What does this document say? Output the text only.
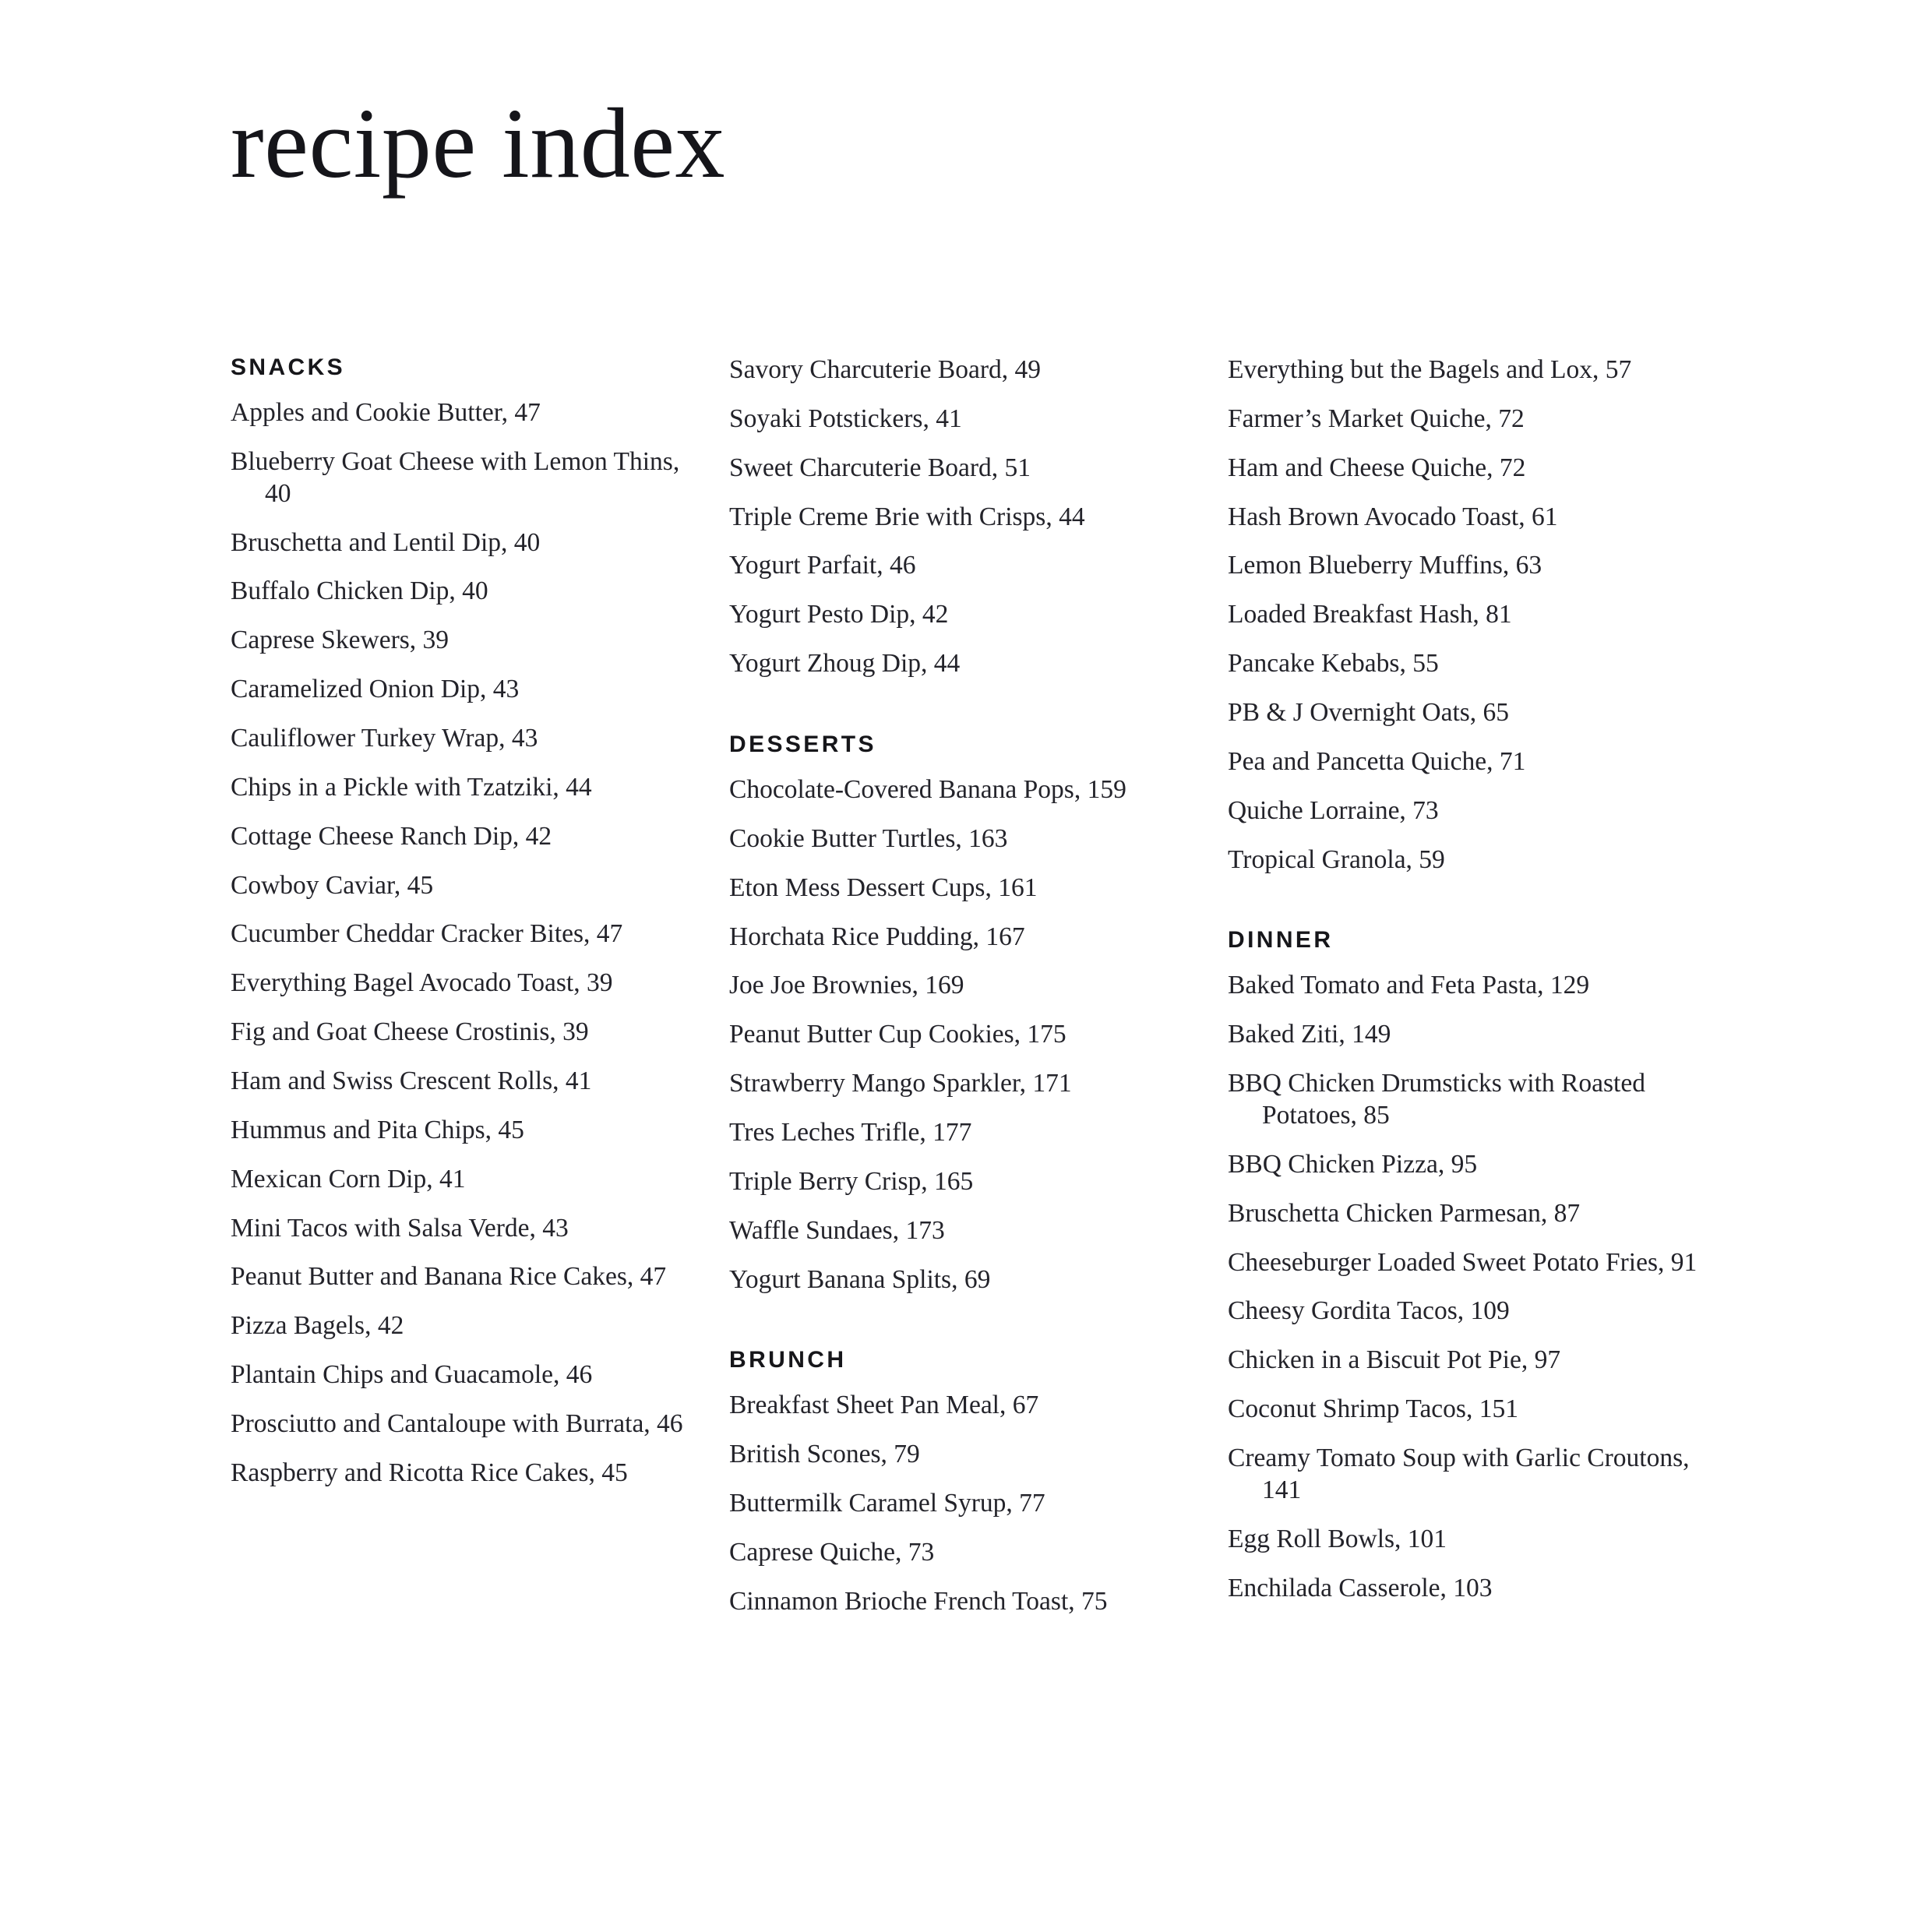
recipe index
SNACKS
Apples and Cookie Butter, 47
Blueberry Goat Cheese with Lemon Thins, 40
Bruschetta and Lentil Dip, 40
Buffalo Chicken Dip, 40
Caprese Skewers, 39
Caramelized Onion Dip, 43
Cauliflower Turkey Wrap, 43
Chips in a Pickle with Tzatziki, 44
Cottage Cheese Ranch Dip, 42
Cowboy Caviar, 45
Cucumber Cheddar Cracker Bites, 47
Everything Bagel Avocado Toast, 39
Fig and Goat Cheese Crostinis, 39
Ham and Swiss Crescent Rolls, 41
Hummus and Pita Chips, 45
Mexican Corn Dip, 41
Mini Tacos with Salsa Verde, 43
Peanut Butter and Banana Rice Cakes, 47
Pizza Bagels, 42
Plantain Chips and Guacamole, 46
Prosciutto and Cantaloupe with Burrata, 46
Raspberry and Ricotta Rice Cakes, 45
Savory Charcuterie Board, 49
Soyaki Potstickers, 41
Sweet Charcuterie Board, 51
Triple Creme Brie with Crisps, 44
Yogurt Parfait, 46
Yogurt Pesto Dip, 42
Yogurt Zhoug Dip, 44
DESSERTS
Chocolate-Covered Banana Pops, 159
Cookie Butter Turtles, 163
Eton Mess Dessert Cups, 161
Horchata Rice Pudding, 167
Joe Joe Brownies, 169
Peanut Butter Cup Cookies, 175
Strawberry Mango Sparkler, 171
Tres Leches Trifle, 177
Triple Berry Crisp, 165
Waffle Sundaes, 173
Yogurt Banana Splits, 69
BRUNCH
Breakfast Sheet Pan Meal, 67
British Scones, 79
Buttermilk Caramel Syrup, 77
Caprese Quiche, 73
Cinnamon Brioche French Toast, 75
Everything but the Bagels and Lox, 57
Farmer’s Market Quiche, 72
Ham and Cheese Quiche, 72
Hash Brown Avocado Toast, 61
Lemon Blueberry Muffins, 63
Loaded Breakfast Hash, 81
Pancake Kebabs, 55
PB & J Overnight Oats, 65
Pea and Pancetta Quiche, 71
Quiche Lorraine, 73
Tropical Granola, 59
DINNER
Baked Tomato and Feta Pasta, 129
Baked Ziti, 149
BBQ Chicken Drumsticks with Roasted Potatoes, 85
BBQ Chicken Pizza, 95
Bruschetta Chicken Parmesan, 87
Cheeseburger Loaded Sweet Potato Fries, 91
Cheesy Gordita Tacos, 109
Chicken in a Biscuit Pot Pie, 97
Coconut Shrimp Tacos, 151
Creamy Tomato Soup with Garlic Croutons, 141
Egg Roll Bowls, 101
Enchilada Casserole, 103
